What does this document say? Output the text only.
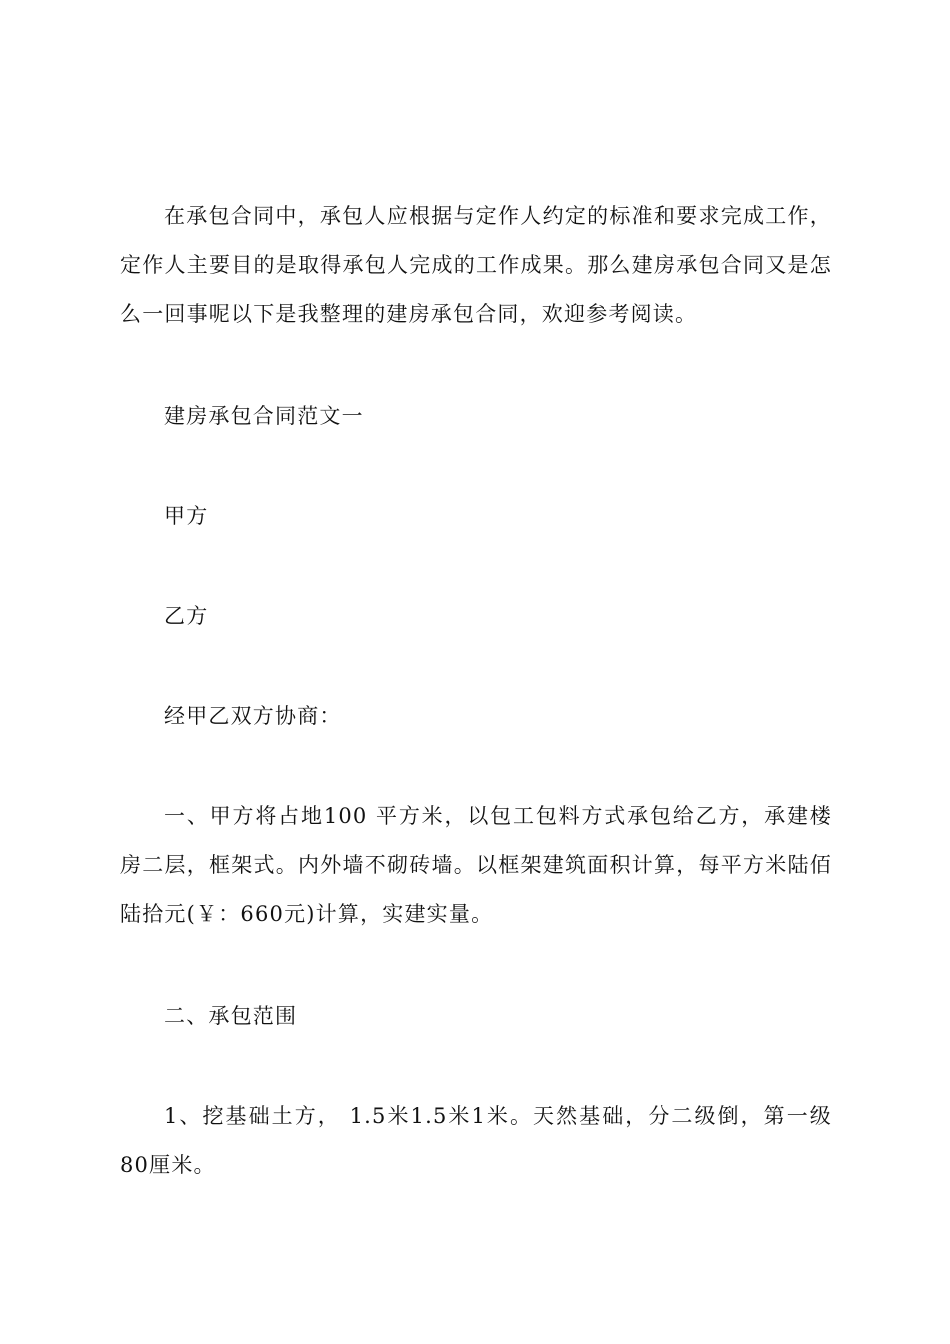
在承包合同中，承包人应根据与定作人约定的标准和要求完成工作，定作人主要目的是取得承包人完成的工作成果。那么建房承包合同又是怎么一回事呢以下是我整理的建房承包合同，欢迎参考阅读。

建房承包合同范文一

甲方

乙方

经甲乙双方协商：

一、甲方将占地100 平方米，以包工包料方式承包给乙方，承建楼房二层，框架式。内外墙不砌砖墙。以框架建筑面积计算，每平方米陆佰陆拾元(￥：660元)计算，实建实量。

二、承包范围

1、挖基础土方， 1.5米1.5米1米。天然基础，分二级倒，第一级80厘米。
